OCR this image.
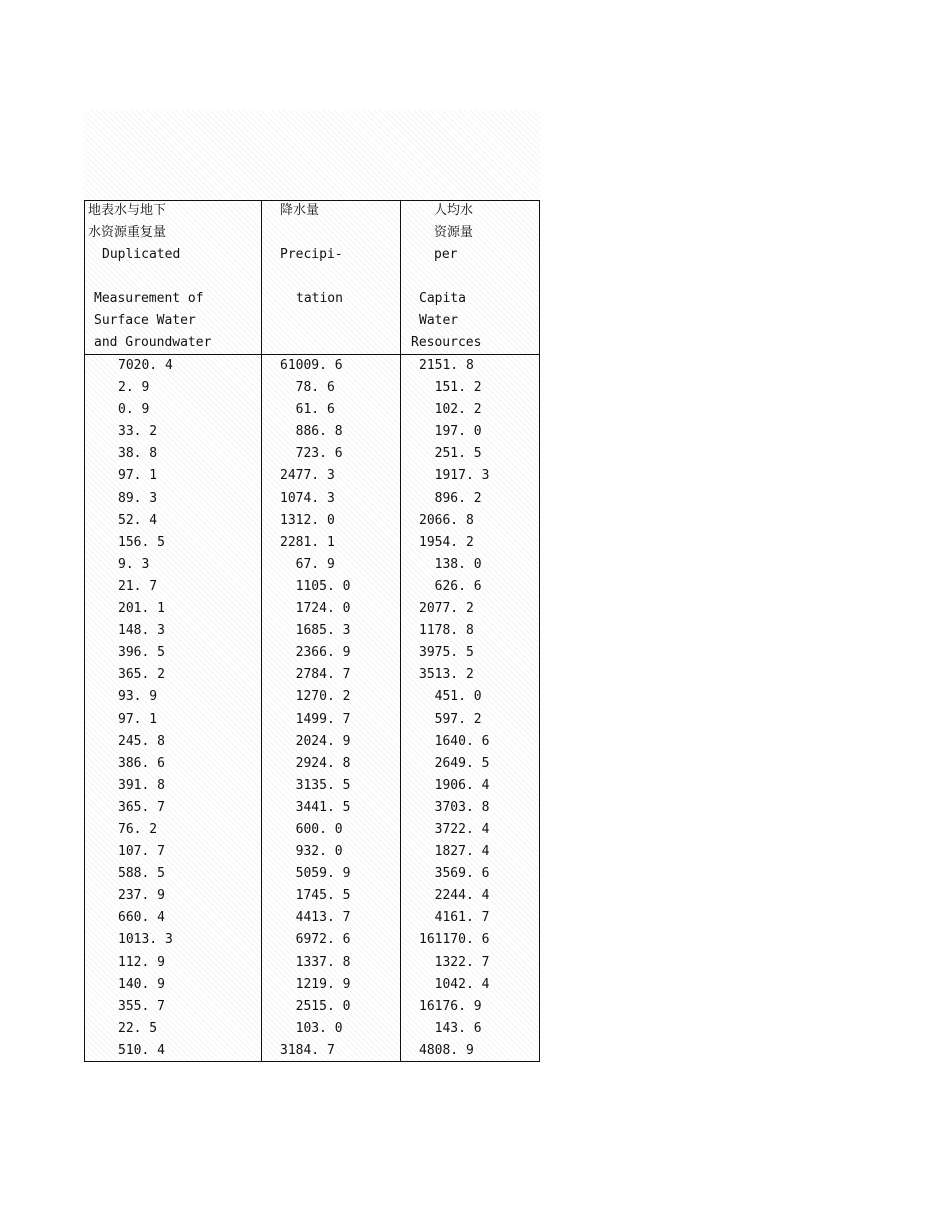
地表水与地下
水资源重复量
Duplicated
Measurement of
Surface Water
and Groundwater
降水量
Precipi-
tation
人均水
资源量
per
Capita
Water
Resources
7020. 4
2. 9
0. 9
33. 2
38. 8
97. 1
89. 3
52. 4
156. 5
9. 3
21. 7
201. 1
148. 3
396. 5
365. 2
93. 9
97. 1
245. 8
386. 6
391. 8
365. 7
76. 2
107. 7
588. 5
237. 9
660. 4
1013. 3
112. 9
140. 9
355. 7
22. 5
510. 4
61009. 6
78. 6
61. 6
886. 8
723. 6
2477. 3
1074. 3
1312. 0
2281. 1
67. 9
1105. 0
1724. 0
1685. 3
2366. 9
2784. 7
1270. 2
1499. 7
2024. 9
2924. 8
3135. 5
3441. 5
600. 0
932. 0
5059. 9
1745. 5
4413. 7
6972. 6
1337. 8
1219. 9
2515. 0
103. 0
3184. 7
2151. 8
151. 2
102. 2
197. 0
251. 5
1917. 3
896. 2
2066. 8
1954. 2
138. 0
626. 6
2077. 2
1178. 8
3975. 5
3513. 2
451. 0
597. 2
1640. 6
2649. 5
1906. 4
3703. 8
3722. 4
1827. 4
3569. 6
2244. 4
4161. 7
161170. 6
1322. 7
1042. 4
16176. 9
143. 6
4808. 9
